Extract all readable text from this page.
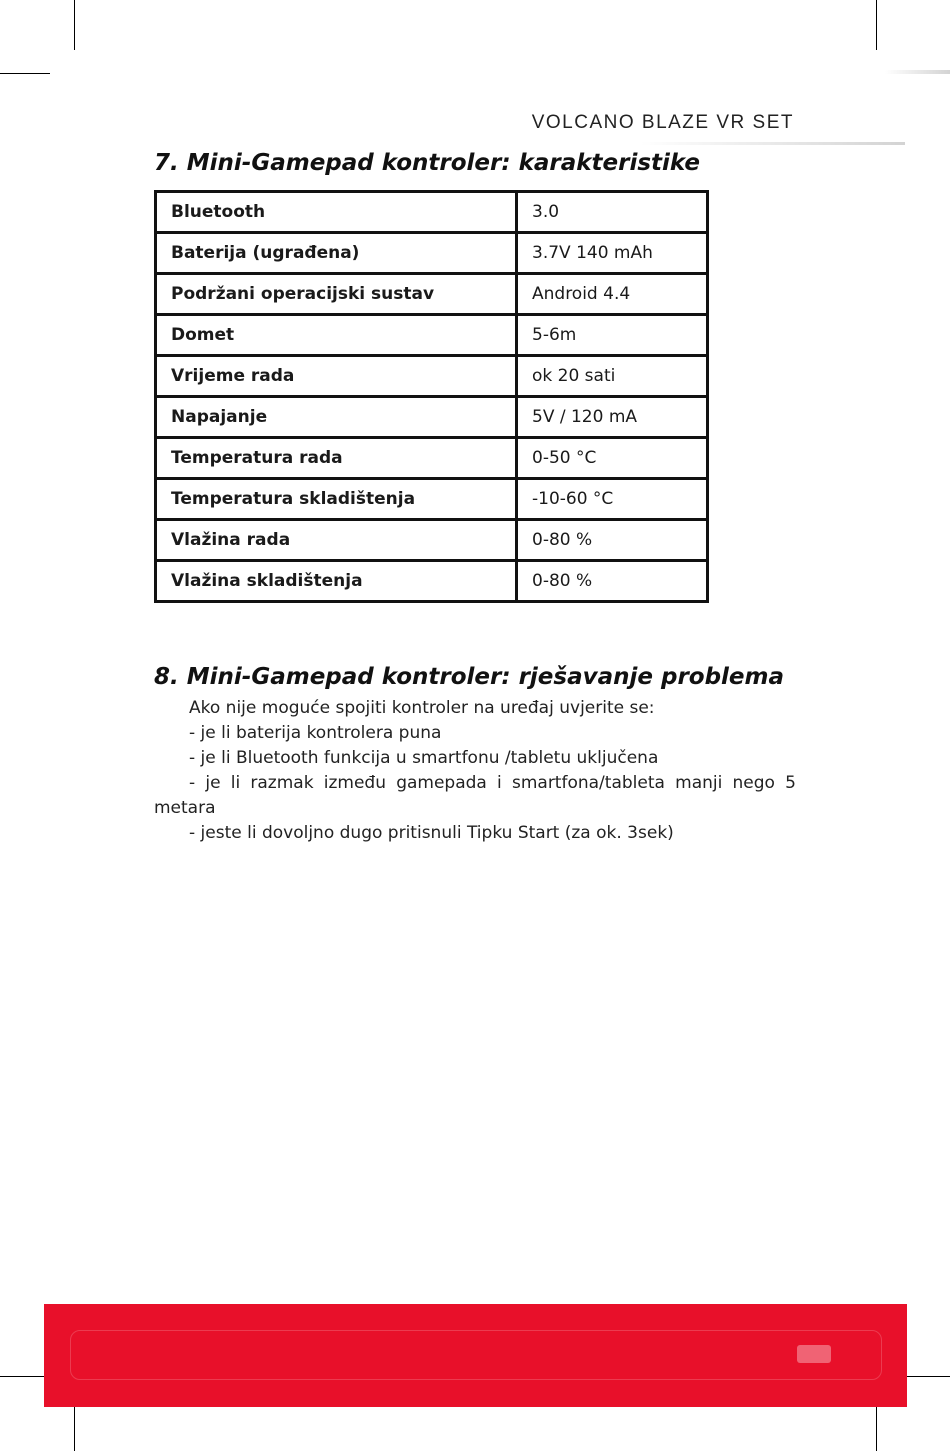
VOLCANO BLAZE VR SET
7. Mini-Gamepad kontroler: karakteristike
Bluetooth	3.0
Baterija (ugrađena)	3.7V 140 mAh
Podržani operacijski sustav	Android 4.4
Domet	5-6m
Vrijeme rada	ok 20 sati
Napajanje	5V / 120 mA
Temperatura rada	0-50 °C
Temperatura skladištenja	-10-60 °C
Vlažina rada	0-80 %
Vlažina skladištenja	0-80 %
8. Mini-Gamepad kontroler: rješavanje problema

Ako nije moguće spojiti kontroler na uređaj uvjerite se:

- je li baterija kontrolera puna

- je li Bluetooth funkcija u smartfonu /tabletu uključena

- je li razmak između gamepada i smartfona/tableta manji nego 5 metara

- jeste li dovoljno dugo pritisnuli Tipku Start (za ok. 3sek)
